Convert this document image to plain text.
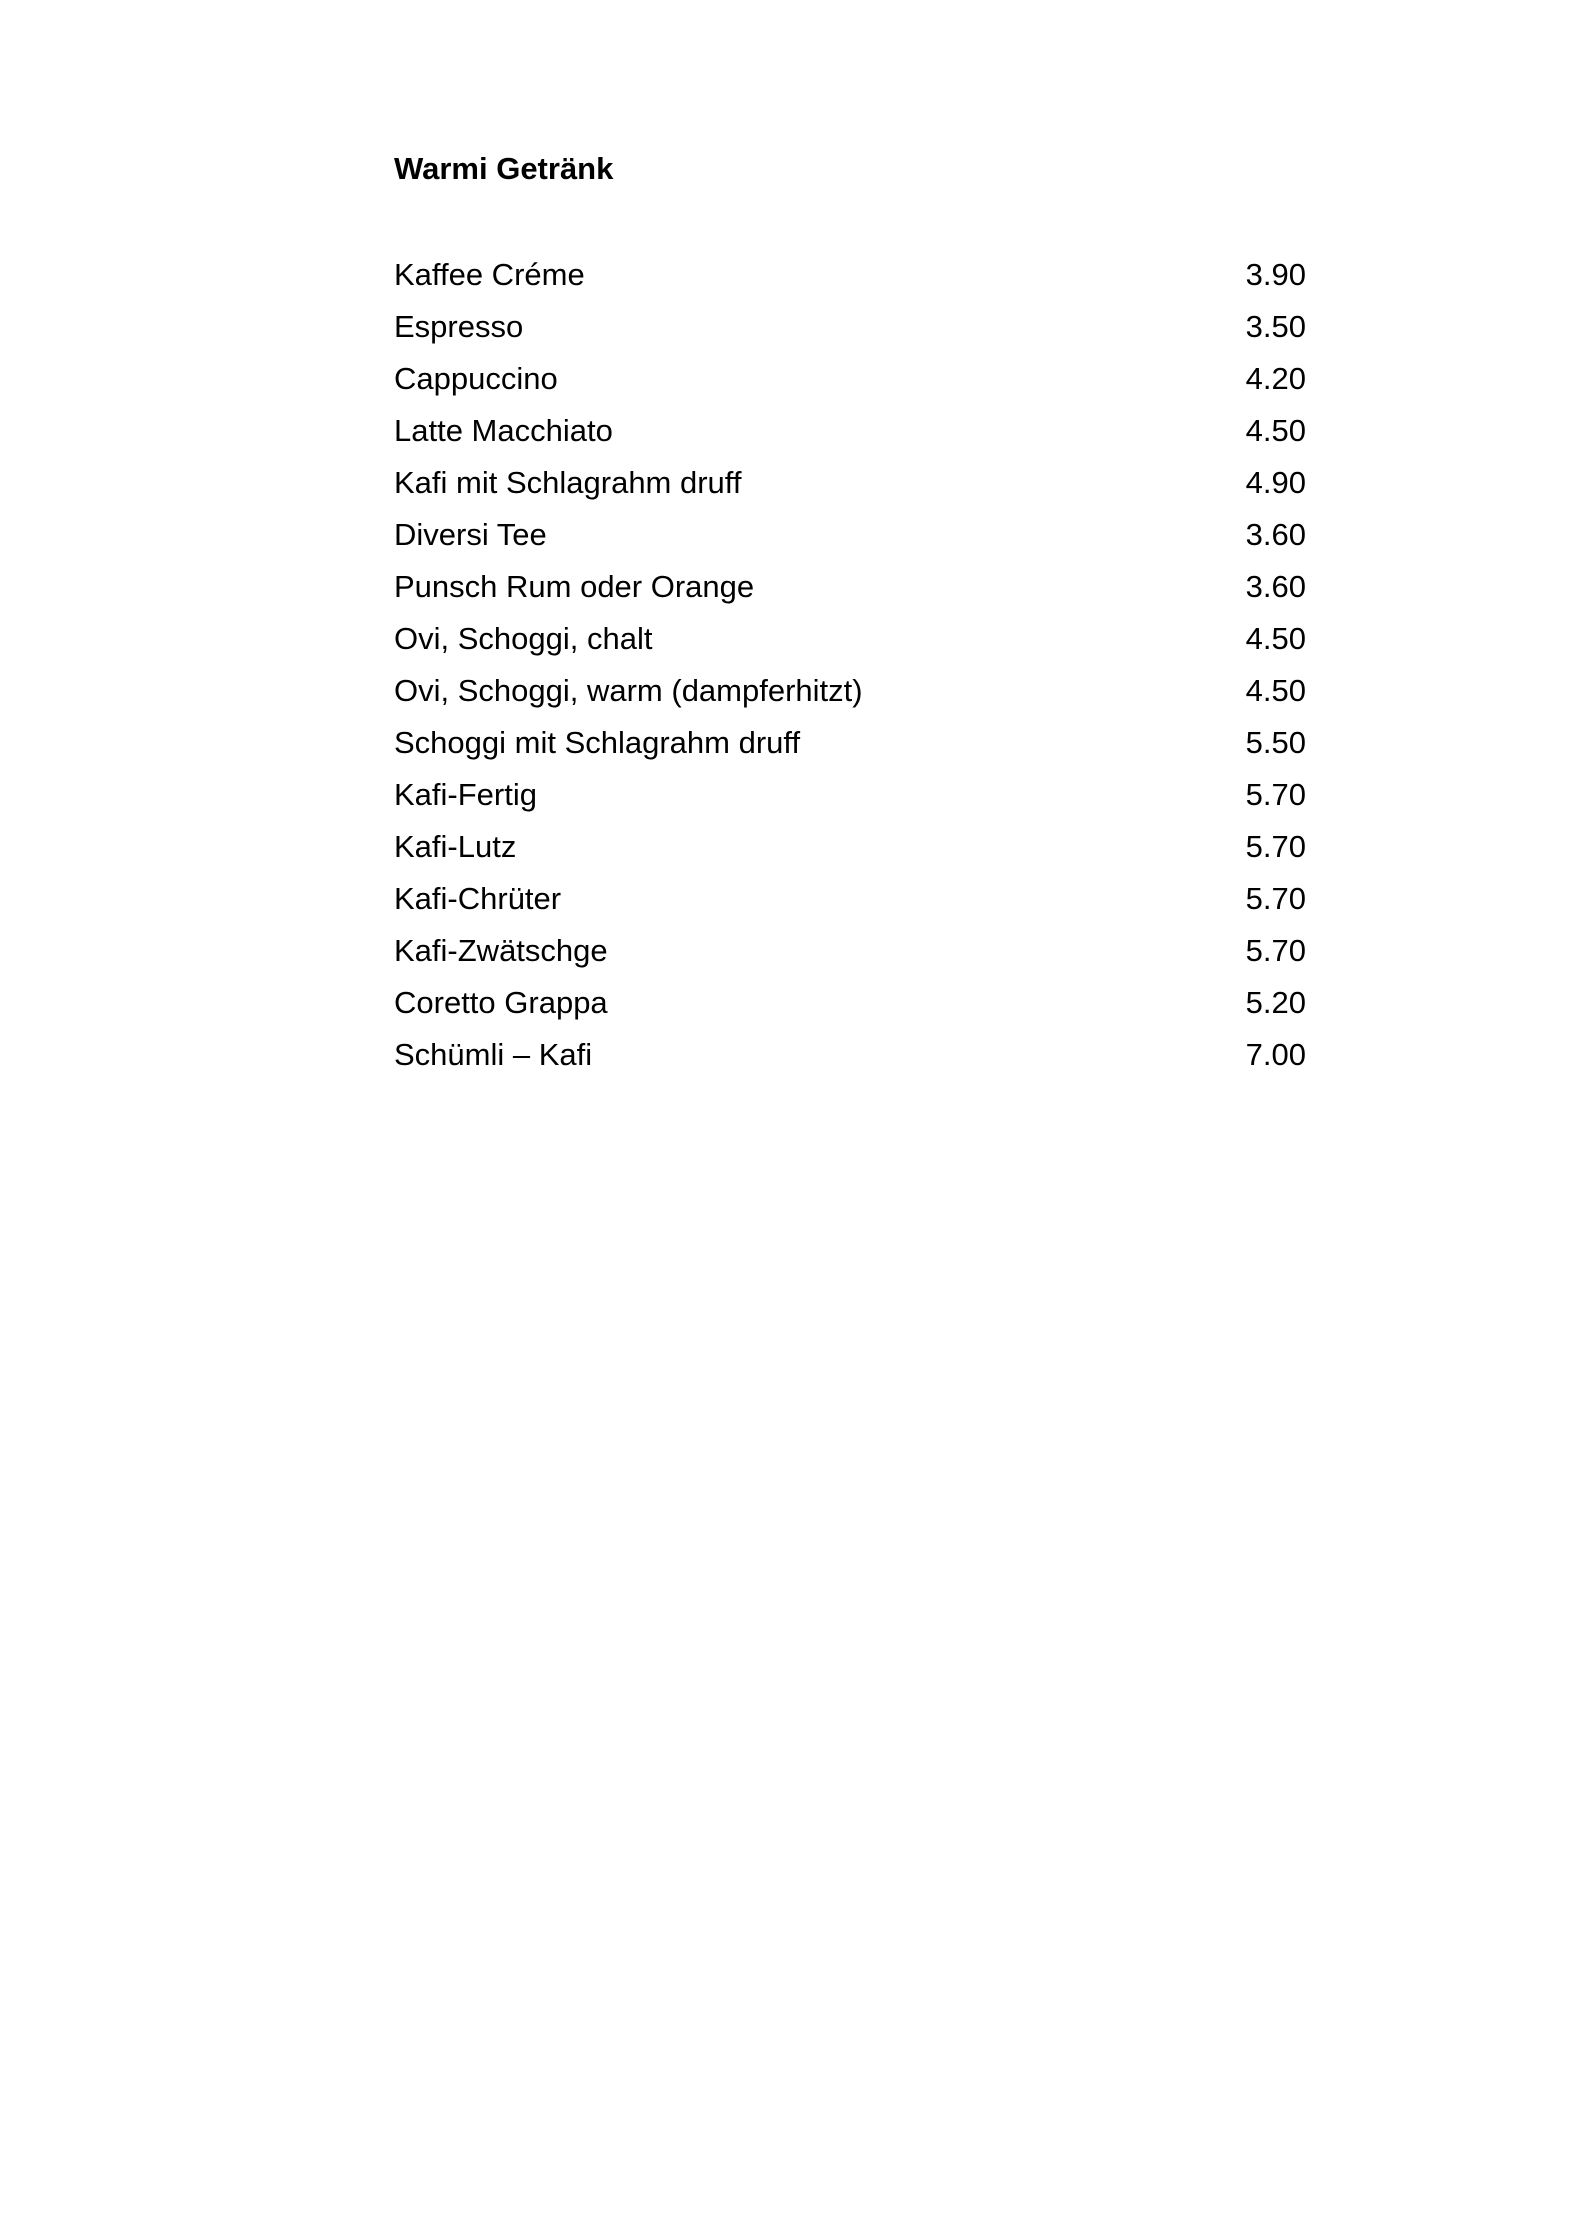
Warmi Getränk
Kaffee Créme	3.90
Espresso	3.50
Cappuccino	4.20
Latte Macchiato	4.50
Kafi mit Schlagrahm druff	4.90
Diversi Tee	3.60
Punsch Rum oder Orange	3.60
Ovi, Schoggi, chalt	4.50
Ovi, Schoggi, warm (dampferhitzt)	4.50
Schoggi mit Schlagrahm druff	5.50
Kafi-Fertig	5.70
Kafi-Lutz	5.70
Kafi-Chrüter	5.70
Kafi-Zwätschge	5.70
Coretto Grappa	5.20
Schümli – Kafi	7.00
